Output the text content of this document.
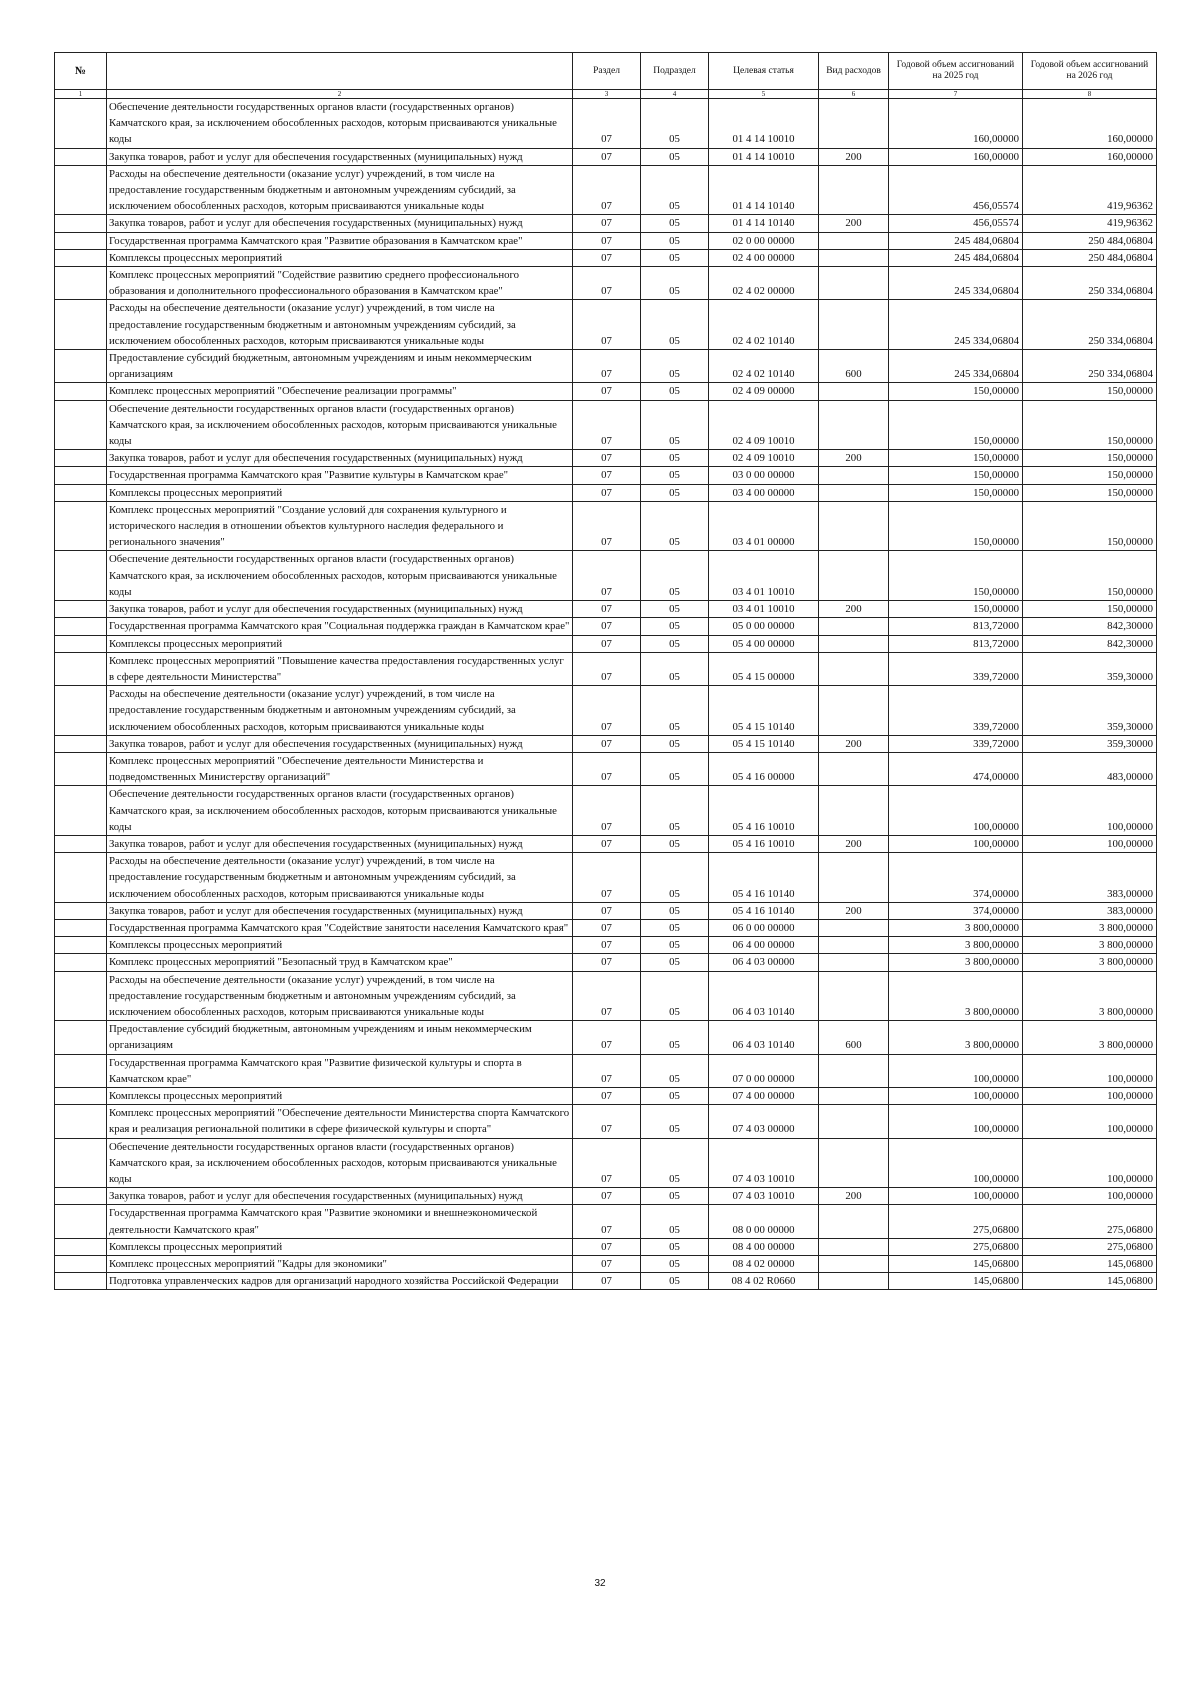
№		Раздел	Подраздел	Целевая статья	Вид расходов	Годовой объем ассигнований на 2025 год	Годовой объем ассигнований на 2026 год
1	2	3	4	5	6	7	8
	Обеспечение деятельности государственных органов власти (государственных органов) Камчатского края, за исключением обособленных расходов, которым присваиваются уникальные коды	07	05	01 4 14 10010		160,00000	160,00000
	Закупка товаров, работ и услуг для обеспечения государственных (муниципальных) нужд	07	05	01 4 14 10010	200	160,00000	160,00000
	Расходы на обеспечение деятельности (оказание услуг) учреждений, в том числе на предоставление государственным бюджетным и автономным учреждениям субсидий, за исключением обособленных расходов, которым присваиваются уникальные коды	07	05	01 4 14 10140		456,05574	419,96362
	Закупка товаров, работ и услуг для обеспечения государственных (муниципальных) нужд	07	05	01 4 14 10140	200	456,05574	419,96362
	Государственная программа Камчатского края "Развитие образования в Камчатском крае"	07	05	02 0 00 00000		245 484,06804	250 484,06804
	Комплексы процессных мероприятий	07	05	02 4 00 00000		245 484,06804	250 484,06804
	Комплекс процессных мероприятий "Содействие развитию среднего профессионального образования и дополнительного профессионального образования в Камчатском крае"	07	05	02 4 02 00000		245 334,06804	250 334,06804
	Расходы на обеспечение деятельности (оказание услуг) учреждений, в том числе на предоставление государственным бюджетным и автономным учреждениям субсидий, за исключением обособленных расходов, которым присваиваются уникальные коды	07	05	02 4 02 10140		245 334,06804	250 334,06804
	Предоставление субсидий бюджетным, автономным учреждениям и иным некоммерческим организациям	07	05	02 4 02 10140	600	245 334,06804	250 334,06804
	Комплекс процессных мероприятий "Обеспечение реализации программы"	07	05	02 4 09 00000		150,00000	150,00000
	Обеспечение деятельности государственных органов власти (государственных органов) Камчатского края, за исключением обособленных расходов, которым присваиваются уникальные коды	07	05	02 4 09 10010		150,00000	150,00000
	Закупка товаров, работ и услуг для обеспечения государственных (муниципальных) нужд	07	05	02 4 09 10010	200	150,00000	150,00000
	Государственная программа Камчатского края "Развитие культуры в Камчатском крае"	07	05	03 0 00 00000		150,00000	150,00000
	Комплексы процессных мероприятий	07	05	03 4 00 00000		150,00000	150,00000
	Комплекс процессных мероприятий "Создание условий для сохранения культурного и исторического наследия в отношении объектов культурного наследия федерального и регионального значения"	07	05	03 4 01 00000		150,00000	150,00000
	Обеспечение деятельности государственных органов власти (государственных органов) Камчатского края, за исключением обособленных расходов, которым присваиваются уникальные коды	07	05	03 4 01 10010		150,00000	150,00000
	Закупка товаров, работ и услуг для обеспечения государственных (муниципальных) нужд	07	05	03 4 01 10010	200	150,00000	150,00000
	Государственная программа Камчатского края "Социальная поддержка граждан в Камчатском крае"	07	05	05 0 00 00000		813,72000	842,30000
	Комплексы процессных мероприятий	07	05	05 4 00 00000		813,72000	842,30000
	Комплекс процессных мероприятий "Повышение качества предоставления государственных услуг в сфере деятельности Министерства"	07	05	05 4 15 00000		339,72000	359,30000
	Расходы на обеспечение деятельности (оказание услуг) учреждений, в том числе на предоставление государственным бюджетным и автономным учреждениям субсидий, за исключением обособленных расходов, которым присваиваются уникальные коды	07	05	05 4 15 10140		339,72000	359,30000
	Закупка товаров, работ и услуг для обеспечения государственных (муниципальных) нужд	07	05	05 4 15 10140	200	339,72000	359,30000
	Комплекс процессных мероприятий "Обеспечение деятельности Министерства и подведомственных Министерству организаций"	07	05	05 4 16 00000		474,00000	483,00000
	Обеспечение деятельности государственных органов власти (государственных органов) Камчатского края, за исключением обособленных расходов, которым присваиваются уникальные коды	07	05	05 4 16 10010		100,00000	100,00000
	Закупка товаров, работ и услуг для обеспечения государственных (муниципальных) нужд	07	05	05 4 16 10010	200	100,00000	100,00000
	Расходы на обеспечение деятельности (оказание услуг) учреждений, в том числе на предоставление государственным бюджетным и автономным учреждениям субсидий, за исключением обособленных расходов, которым присваиваются уникальные коды	07	05	05 4 16 10140		374,00000	383,00000
	Закупка товаров, работ и услуг для обеспечения государственных (муниципальных) нужд	07	05	05 4 16 10140	200	374,00000	383,00000
	Государственная программа Камчатского края "Содействие занятости населения Камчатского края"	07	05	06 0 00 00000		3 800,00000	3 800,00000
	Комплексы процессных мероприятий	07	05	06 4 00 00000		3 800,00000	3 800,00000
	Комплекс процессных мероприятий "Безопасный труд в Камчатском крае"	07	05	06 4 03 00000		3 800,00000	3 800,00000
	Расходы на обеспечение деятельности (оказание услуг) учреждений, в том числе на предоставление государственным бюджетным и автономным учреждениям субсидий, за исключением обособленных расходов, которым присваиваются уникальные коды	07	05	06 4 03 10140		3 800,00000	3 800,00000
	Предоставление субсидий бюджетным, автономным учреждениям и иным некоммерческим организациям	07	05	06 4 03 10140	600	3 800,00000	3 800,00000
	Государственная программа Камчатского края "Развитие физической культуры и спорта в Камчатском крае"	07	05	07 0 00 00000		100,00000	100,00000
	Комплексы процессных мероприятий	07	05	07 4 00 00000		100,00000	100,00000
	Комплекс процессных мероприятий "Обеспечение деятельности Министерства спорта Камчатского края и реализация региональной политики в сфере физической культуры и спорта"	07	05	07 4 03 00000		100,00000	100,00000
	Обеспечение деятельности государственных органов власти (государственных органов) Камчатского края, за исключением обособленных расходов, которым присваиваются уникальные коды	07	05	07 4 03 10010		100,00000	100,00000
	Закупка товаров, работ и услуг для обеспечения государственных (муниципальных) нужд	07	05	07 4 03 10010	200	100,00000	100,00000
	Государственная программа Камчатского края "Развитие экономики и внешнеэкономической деятельности Камчатского края"	07	05	08 0 00 00000		275,06800	275,06800
	Комплексы процессных мероприятий	07	05	08 4 00 00000		275,06800	275,06800
	Комплекс процессных мероприятий "Кадры для экономики"	07	05	08 4 02 00000		145,06800	145,06800
	Подготовка управленческих кадров для организаций народного хозяйства Российской Федерации	07	05	08 4 02 R0660		145,06800	145,06800
32
